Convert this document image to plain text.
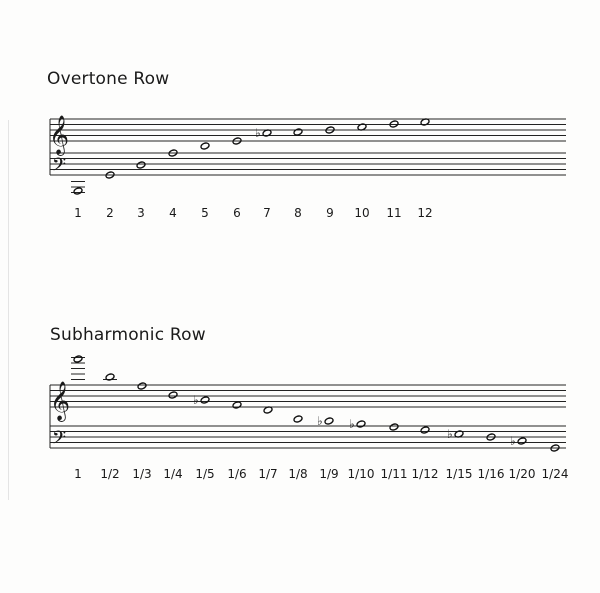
Overtone Row
Subharmonic Row
𝄞
𝄢
1 2 3 4 5 6
♭
7 8 9 10 11 12
𝄞
𝄢
1 1/2 1/3 1/4
♭
1/5 1/6 1/7 1/8
♭
1/9
♭
1/10 1/11 1/12
♭
1/15 1/16
♭
1/20 1/24
